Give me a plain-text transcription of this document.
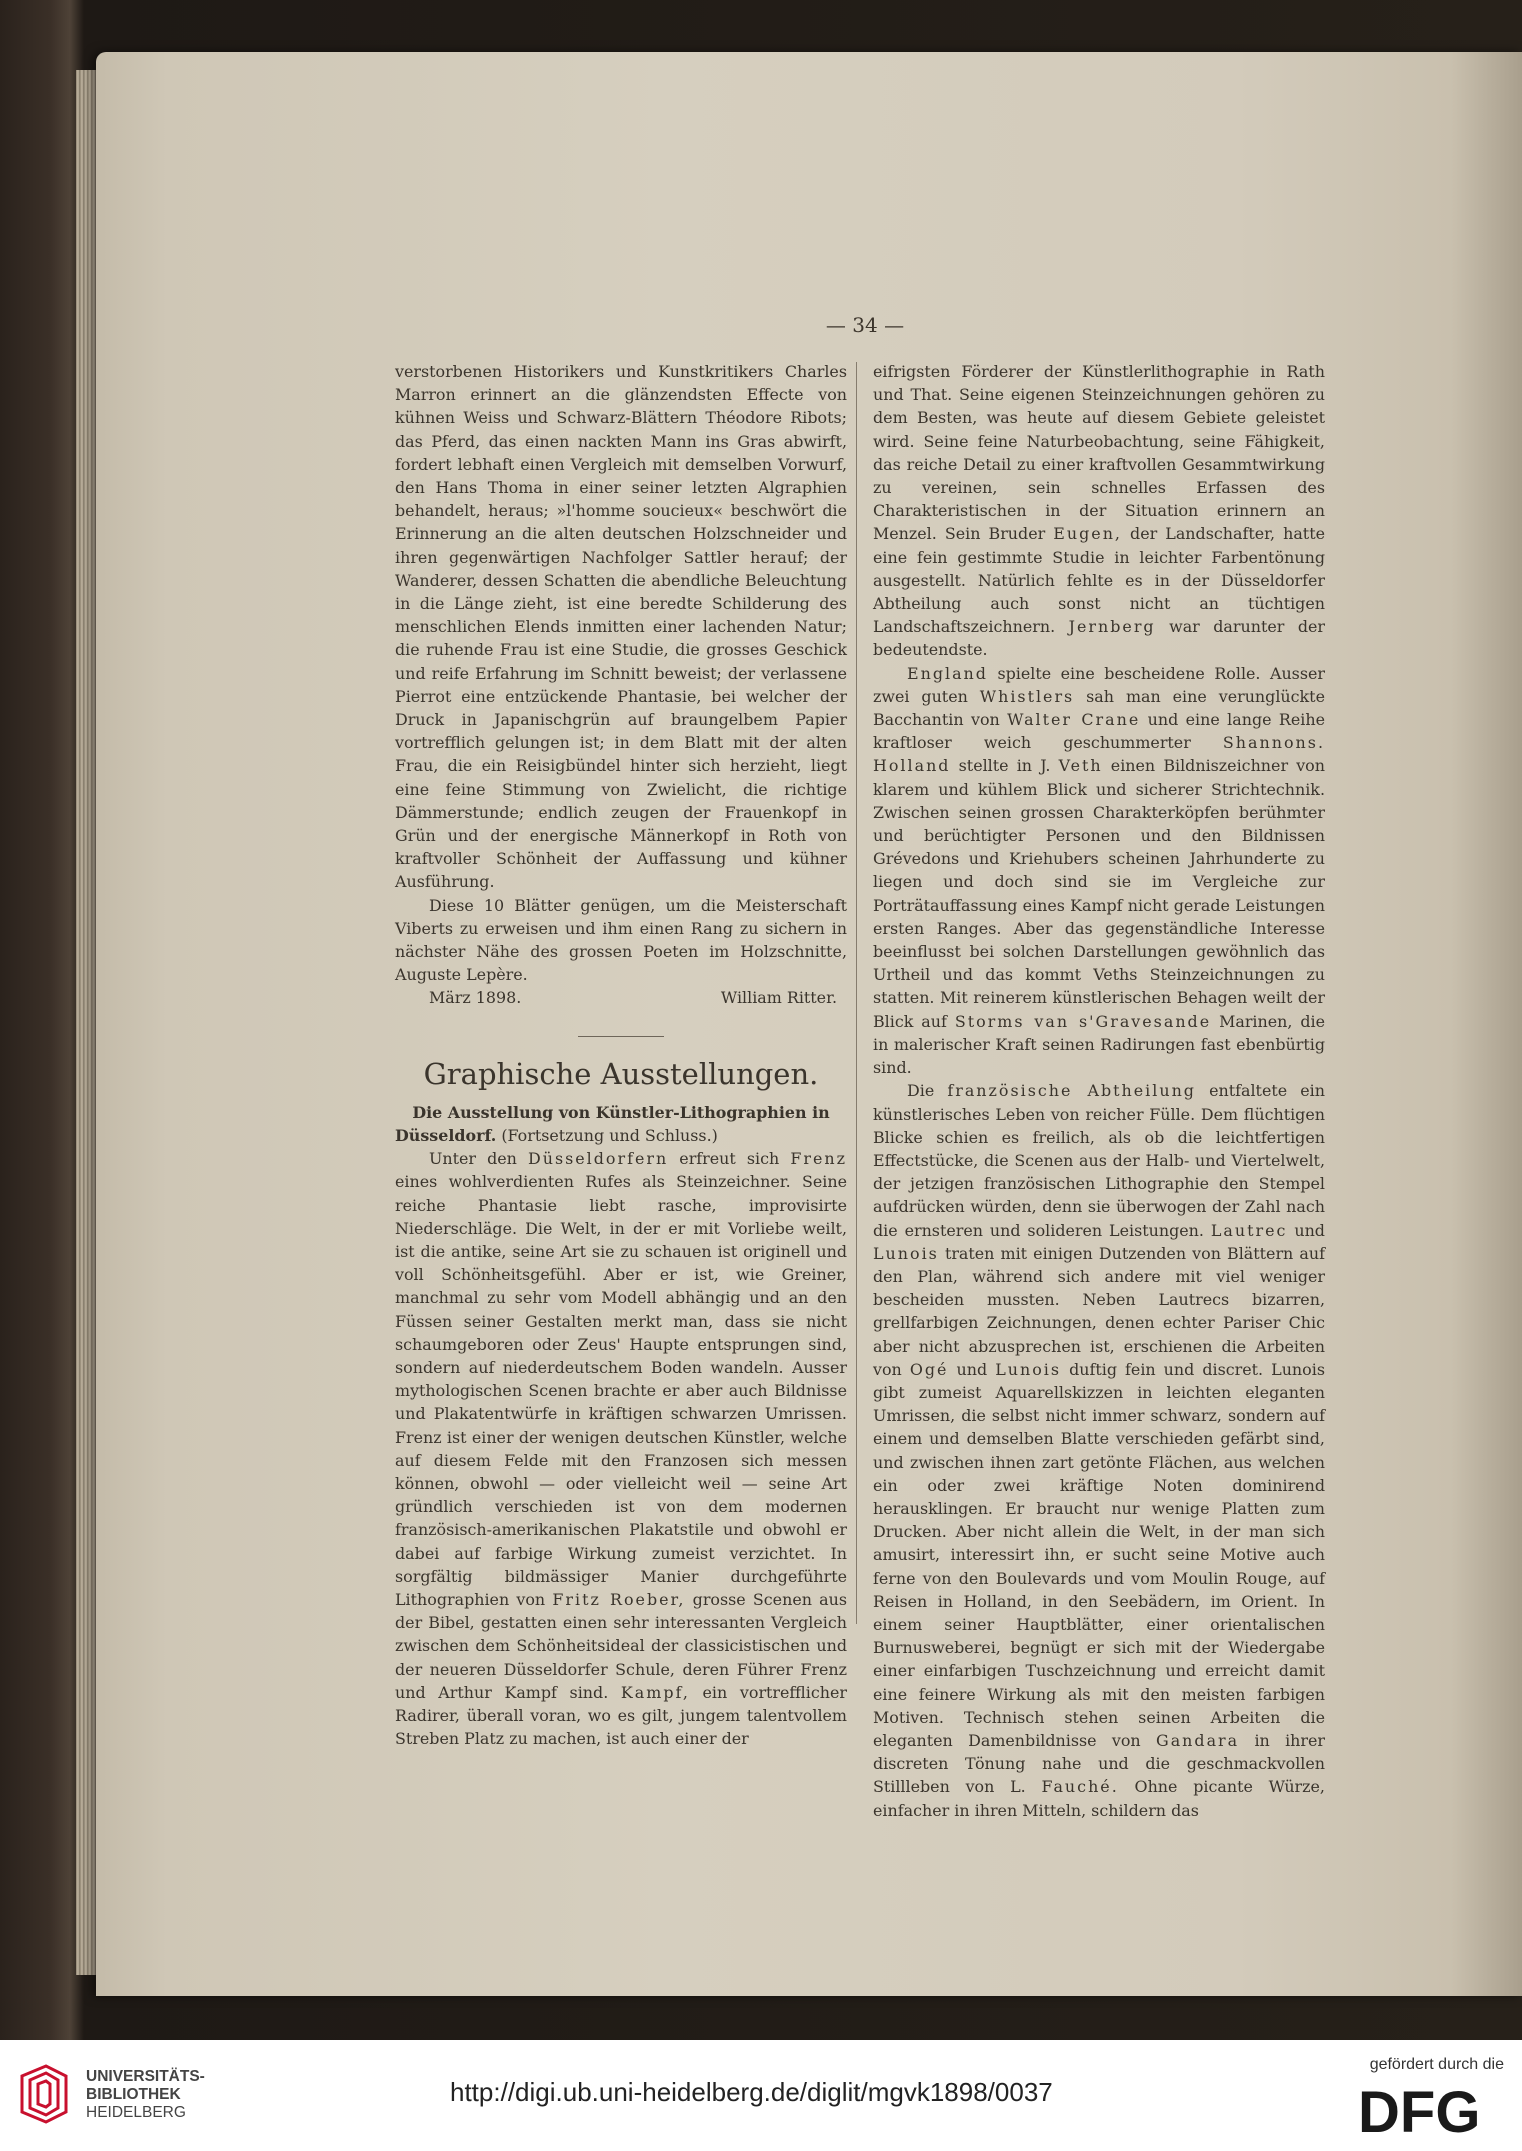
— 34 —

verstorbenen Historikers und Kunstkritikers Charles Marron erinnert an die glänzendsten Effecte von kühnen Weiss und Schwarz-Blättern Théodore Ribots; das Pferd, das einen nackten Mann ins Gras abwirft, fordert lebhaft einen Vergleich mit demselben Vorwurf, den Hans Thoma in einer seiner letzten Algraphien behandelt, heraus; »l'homme soucieux« beschwört die Erinnerung an die alten deutschen Holzschneider und ihren gegenwärtigen Nachfolger Sattler herauf; der Wanderer, dessen Schatten die abendliche Beleuchtung in die Länge zieht, ist eine beredte Schilderung des menschlichen Elends inmitten einer lachenden Natur; die ruhende Frau ist eine Studie, die grosses Geschick und reife Erfahrung im Schnitt beweist; der verlassene Pierrot eine entzückende Phantasie, bei welcher der Druck in Japanischgrün auf braungelbem Papier vortrefflich gelungen ist; in dem Blatt mit der alten Frau, die ein Reisigbündel hinter sich herzieht, liegt eine feine Stimmung von Zwielicht, die richtige Dämmerstunde; endlich zeugen der Frauenkopf in Grün und der energische Männerkopf in Roth von kraftvoller Schönheit der Auffassung und kühner Ausführung.

Diese 10 Blätter genügen, um die Meisterschaft Viberts zu erweisen und ihm einen Rang zu sichern in nächster Nähe des grossen Poeten im Holzschnitte, Auguste Lepère.

März 1898.	William Ritter.
Graphische Ausstellungen.
Die Ausstellung von Künstler-Lithographien in
Düsseldorf. (Fortsetzung und Schluss.)

Unter den Düsseldorfern erfreut sich Frenz eines wohlverdienten Rufes als Steinzeichner. Seine reiche Phantasie liebt rasche, improvisirte Niederschläge. Die Welt, in der er mit Vorliebe weilt, ist die antike, seine Art sie zu schauen ist originell und voll Schönheitsgefühl. Aber er ist, wie Greiner, manchmal zu sehr vom Modell abhängig und an den Füssen seiner Gestalten merkt man, dass sie nicht schaumgeboren oder Zeus' Haupte entsprungen sind, sondern auf niederdeutschem Boden wandeln. Ausser mythologischen Scenen brachte er aber auch Bildnisse und Plakatentwürfe in kräftigen schwarzen Umrissen. Frenz ist einer der wenigen deutschen Künstler, welche auf diesem Felde mit den Franzosen sich messen können, obwohl — oder vielleicht weil — seine Art gründlich verschieden ist von dem modernen französisch-amerikanischen Plakatstile und obwohl er dabei auf farbige Wirkung zumeist verzichtet. In sorgfältig bildmässiger Manier durchgeführte Lithographien von Fritz Roeber, grosse Scenen aus der Bibel, gestatten einen sehr interessanten Vergleich zwischen dem Schönheitsideal der classicistischen und der neueren Düsseldorfer Schule, deren Führer Frenz und Arthur Kampf sind. Kampf, ein vortrefflicher Radirer, überall voran, wo es gilt, jungem talentvollem Streben Platz zu machen, ist auch einer der

eifrigsten Förderer der Künstlerlithographie in Rath und That. Seine eigenen Steinzeichnungen gehören zu dem Besten, was heute auf diesem Gebiete geleistet wird. Seine feine Naturbeobachtung, seine Fähigkeit, das reiche Detail zu einer kraftvollen Gesammtwirkung zu vereinen, sein schnelles Erfassen des Charakteristischen in der Situation erinnern an Menzel. Sein Bruder Eugen, der Landschafter, hatte eine fein gestimmte Studie in leichter Farbentönung ausgestellt. Natürlich fehlte es in der Düsseldorfer Abtheilung auch sonst nicht an tüchtigen Landschaftszeichnern. Jernberg war darunter der bedeutendste.

England spielte eine bescheidene Rolle. Ausser zwei guten Whistlers sah man eine verunglückte Bacchantin von Walter Crane und eine lange Reihe kraftloser weich geschummerter Shannons. Holland stellte in J. Veth einen Bildniszeichner von klarem und kühlem Blick und sicherer Strichtechnik. Zwischen seinen grossen Charakterköpfen berühmter und berüchtigter Personen und den Bildnissen Grévedons und Kriehubers scheinen Jahrhunderte zu liegen und doch sind sie im Vergleiche zur Porträtauffassung eines Kampf nicht gerade Leistungen ersten Ranges. Aber das gegenständliche Interesse beeinflusst bei solchen Darstellungen gewöhnlich das Urtheil und das kommt Veths Steinzeichnungen zu statten. Mit reinerem künstlerischen Behagen weilt der Blick auf Storms van s'Gravesande Marinen, die in malerischer Kraft seinen Radirungen fast ebenbürtig sind.

Die französische Abtheilung entfaltete ein künstlerisches Leben von reicher Fülle. Dem flüchtigen Blicke schien es freilich, als ob die leichtfertigen Effectstücke, die Scenen aus der Halb- und Viertelwelt, der jetzigen französischen Lithographie den Stempel aufdrücken würden, denn sie überwogen der Zahl nach die ernsteren und solideren Leistungen. Lautrec und Lunois traten mit einigen Dutzenden von Blättern auf den Plan, während sich andere mit viel weniger bescheiden mussten. Neben Lautrecs bizarren, grellfarbigen Zeichnungen, denen echter Pariser Chic aber nicht abzusprechen ist, erschienen die Arbeiten von Ogé und Lunois duftig fein und discret. Lunois gibt zumeist Aquarellskizzen in leichten eleganten Umrissen, die selbst nicht immer schwarz, sondern auf einem und demselben Blatte verschieden gefärbt sind, und zwischen ihnen zart getönte Flächen, aus welchen ein oder zwei kräftige Noten dominirend herausklingen. Er braucht nur wenige Platten zum Drucken. Aber nicht allein die Welt, in der man sich amusirt, interessirt ihn, er sucht seine Motive auch ferne von den Boulevards und vom Moulin Rouge, auf Reisen in Holland, in den Seebädern, im Orient. In einem seiner Hauptblätter, einer orientalischen Burnusweberei, begnügt er sich mit der Wiedergabe einer einfarbigen Tuschzeichnung und erreicht damit eine feinere Wirkung als mit den meisten farbigen Motiven. Technisch stehen seinen Arbeiten die eleganten Damenbildnisse von Gandara in ihrer discreten Tönung nahe und die geschmackvollen Stillleben von L. Fauché. Ohne picante Würze, einfacher in ihren Mitteln, schildern das

UNIVERSITÄTS-
BIBLIOTHEK
HEIDELBERG
http://digi.ub.uni-heidelberg.de/diglit/mgvk1898/0037
gefördert durch die
DFG
